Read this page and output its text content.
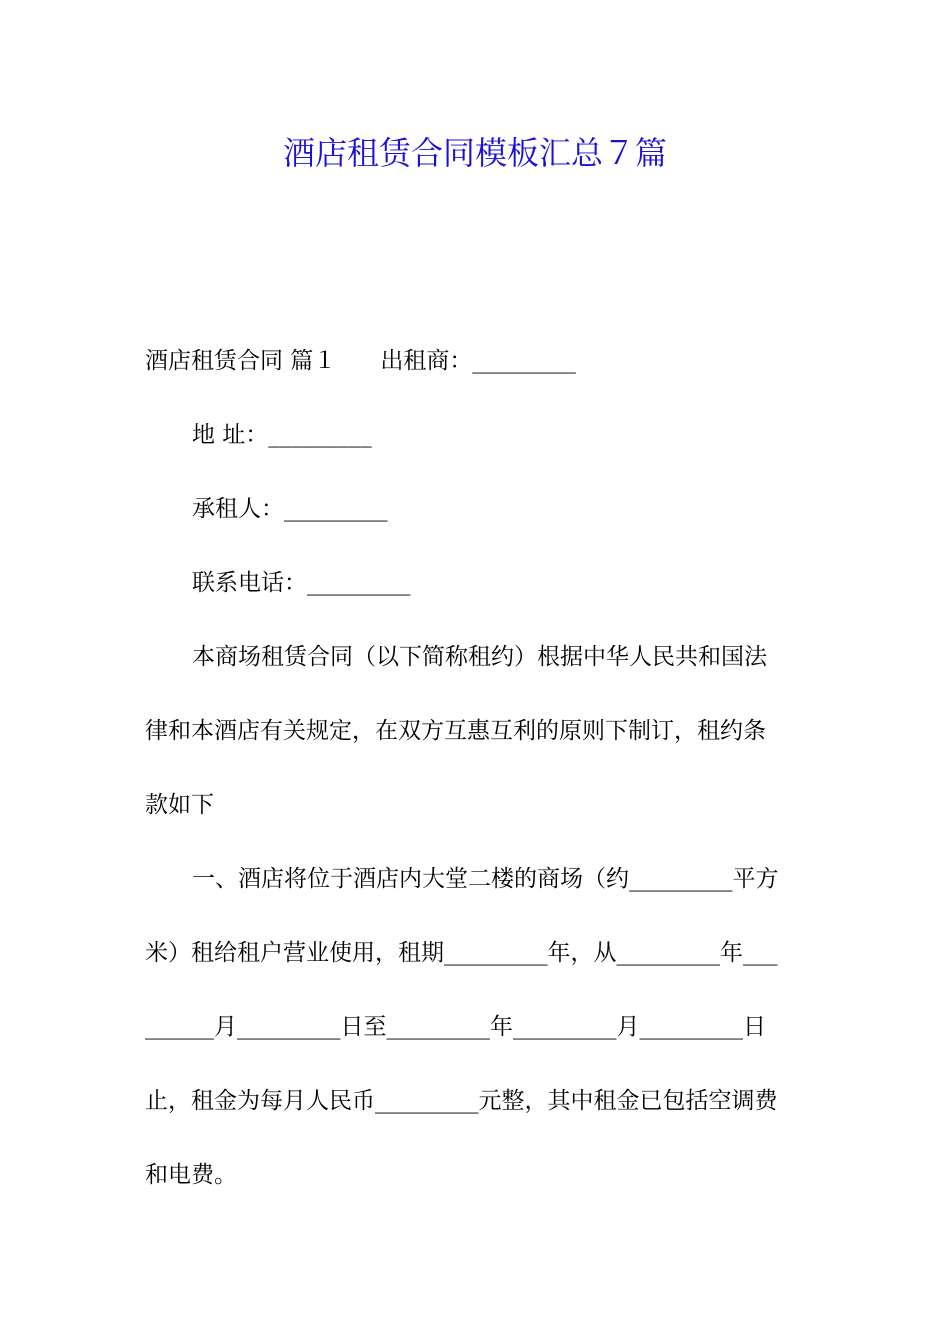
酒店租赁合同模板汇总７篇
酒店租赁合同 篇１ 出租商：_________
地 址：_________
承租人：_________
联系电话：_________
本商场租赁合同（以下简称租约）根据中华人民共和国法
律和本酒店有关规定，在双方互惠互利的原则下制订，租约条
款如下
一、酒店将位于酒店内大堂二楼的商场（约_________平方
米）租给租户营业使用，租期_________年，从_________年___
______月_________日至_________年_________月_________日
止，租金为每月人民币_________元整，其中租金已包括空调费
和电费。
